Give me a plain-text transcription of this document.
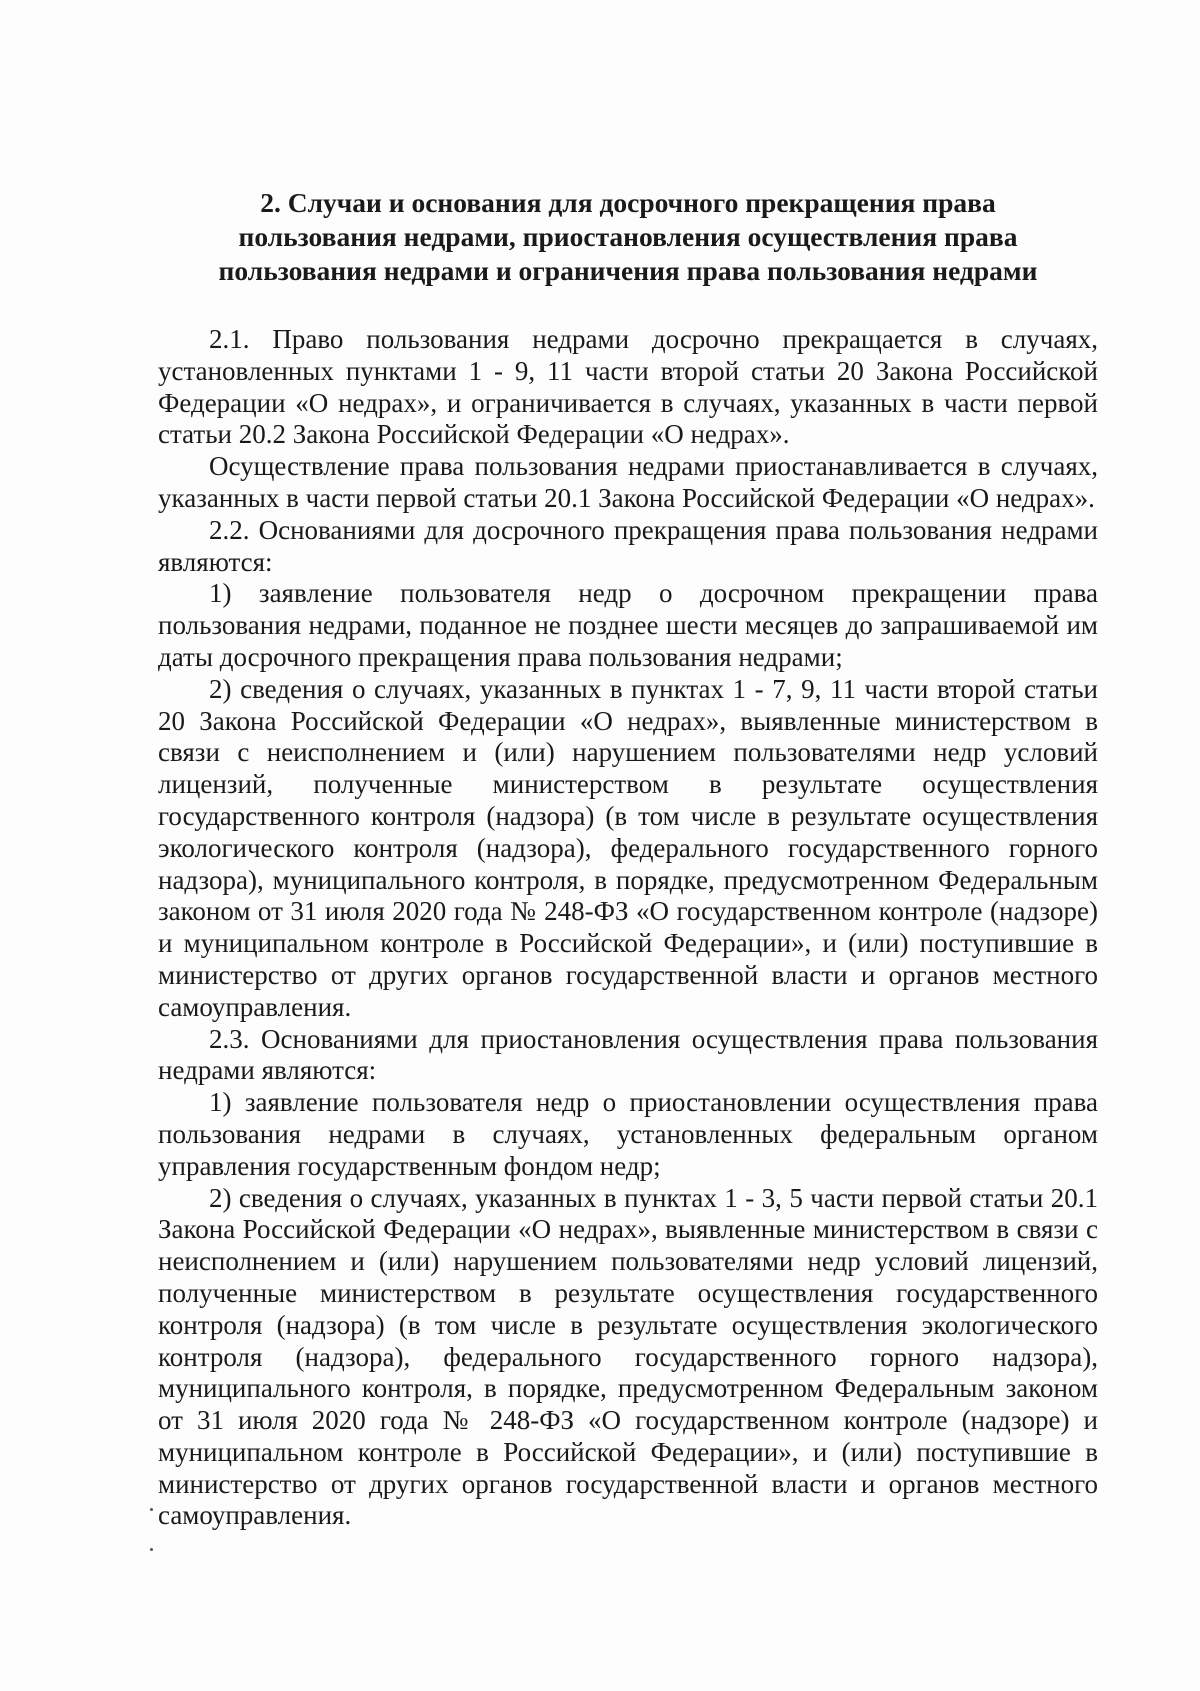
2. Случаи и основания для досрочного прекращения права
пользования недрами, приостановления осуществления права
пользования недрами и ограничения права пользования недрами

2.1. Право пользования недрами досрочно прекращается в случаях, установленных пунктами 1 - 9, 11 части второй статьи 20 Закона Российской Федерации «О недрах», и ограничивается в случаях, указанных в части первой статьи 20.2 Закона Российской Федерации «О недрах».

Осуществление права пользования недрами приостанавливается в случаях, указанных в части первой статьи 20.1 Закона Российской Федерации «О недрах».

2.2. Основаниями для досрочного прекращения права пользования недрами являются:

1) заявление пользователя недр о досрочном прекращении права пользования недрами, поданное не позднее шести месяцев до запрашиваемой им даты досрочного прекращения права пользования недрами;

2) сведения о случаях, указанных в пунктах 1 - 7, 9, 11 части второй статьи 20 Закона Российской Федерации «О недрах», выявленные министерством в связи с неисполнением и (или) нарушением пользователями недр условий лицензий, полученные министерством в результате осуществления государственного контроля (надзора) (в том числе в результате осуществления экологического контроля (надзора), федерального государственного горного надзора), муниципального контроля, в порядке, предусмотренном Федеральным законом от 31 июля 2020 года № 248-ФЗ «О государственном контроле (надзоре) и муниципальном контроле в Российской Федерации», и (или) поступившие в министерство от других органов государственной власти и органов местного самоуправления.

2.3. Основаниями для приостановления осуществления права пользования недрами являются:

1) заявление пользователя недр о приостановлении осуществления права пользования недрами в случаях, установленных федеральным органом управления государственным фондом недр;

2) сведения о случаях, указанных в пунктах 1 - 3, 5 части первой статьи 20.1 Закона Российской Федерации «О недрах», выявленные министерством в связи с неисполнением и (или) нарушением пользователями недр условий лицензий, полученные министерством в результате осуществления государственного контроля (надзора) (в том числе в результате осуществления экологического контроля (надзора), федерального государственного горного надзора), муниципального контроля, в порядке, предусмотренном Федеральным законом от 31 июля 2020 года № 248-ФЗ «О государственном контроле (надзоре) и муниципальном контроле в Российской Федерации», и (или) поступившие в министерство от других органов государственной власти и органов местного самоуправления.
